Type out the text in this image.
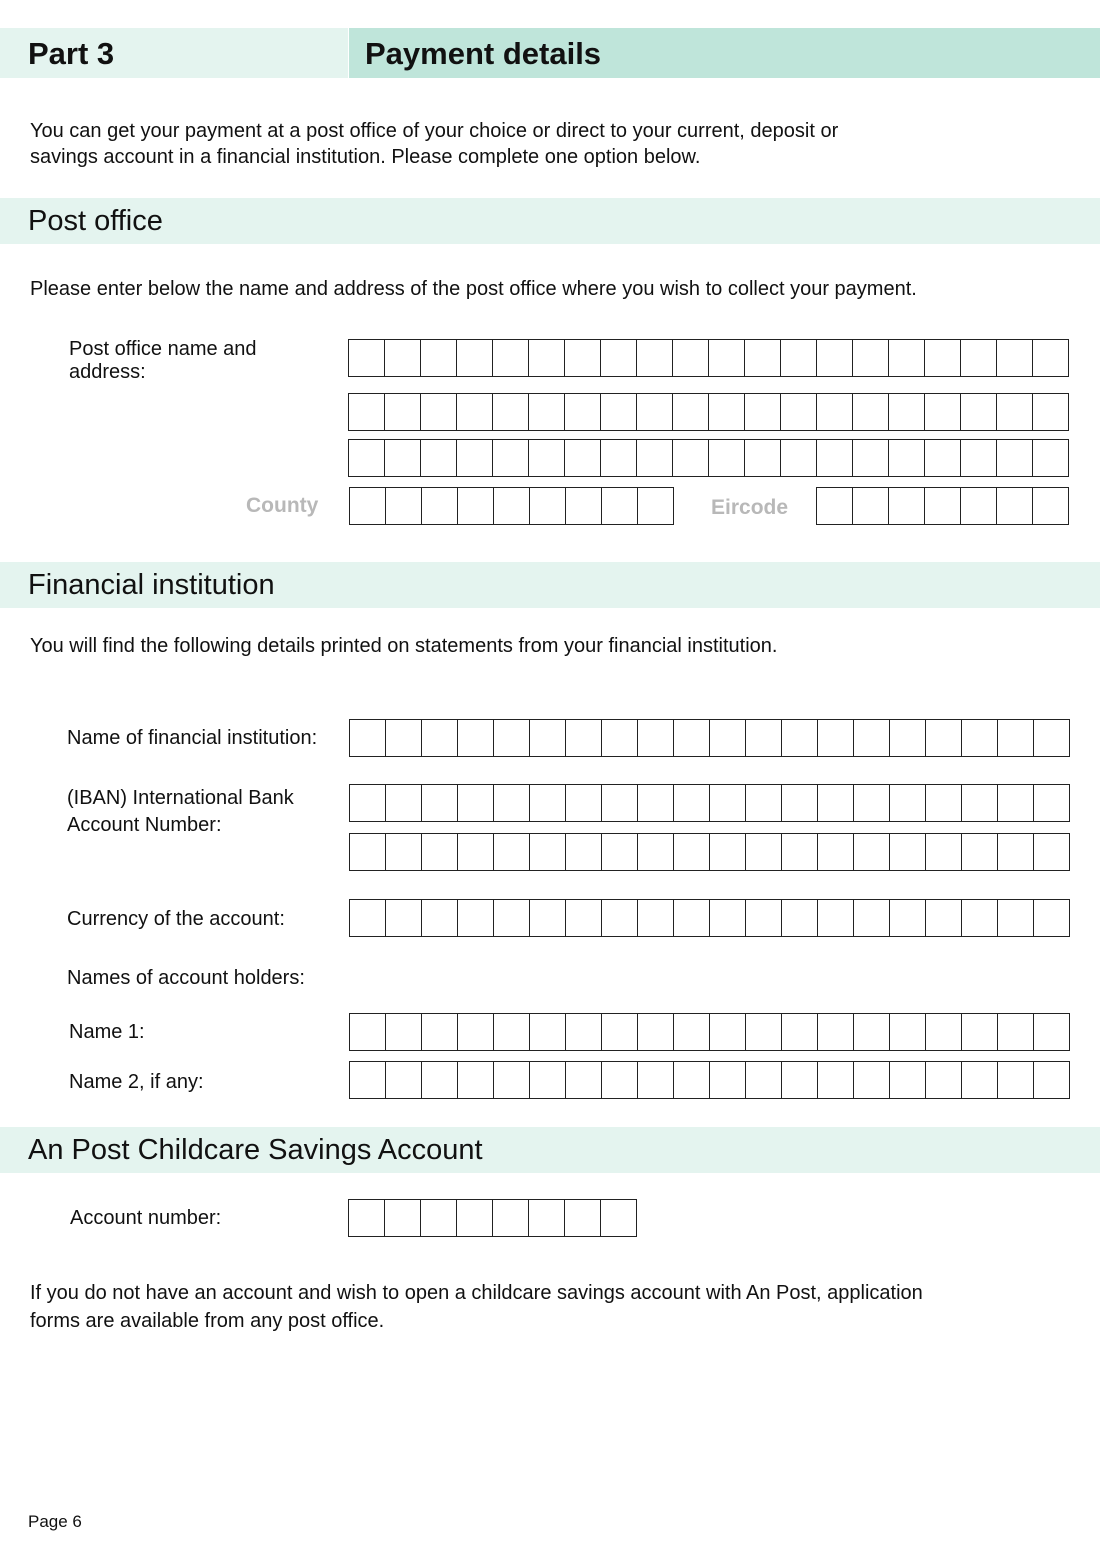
Part 3	Payment details
You can get your payment at a post office of your choice or direct to your current, deposit or
savings account in a financial institution. Please complete one option below.
Post office
Please enter below the name and address of the post office where you wish to collect your payment.
Post office name and
address:
County	Eircode
Financial institution
You will find the following details printed on statements from your financial institution.
Name of financial institution:
(IBAN) International Bank
Account Number:
Currency of the account:
Names of account holders:
Name 1:
Name 2, if any:
An Post Childcare Savings Account
Account number:
If you do not have an account and wish to open a childcare savings account with An Post, application
forms are available from any post office.
Page 6
